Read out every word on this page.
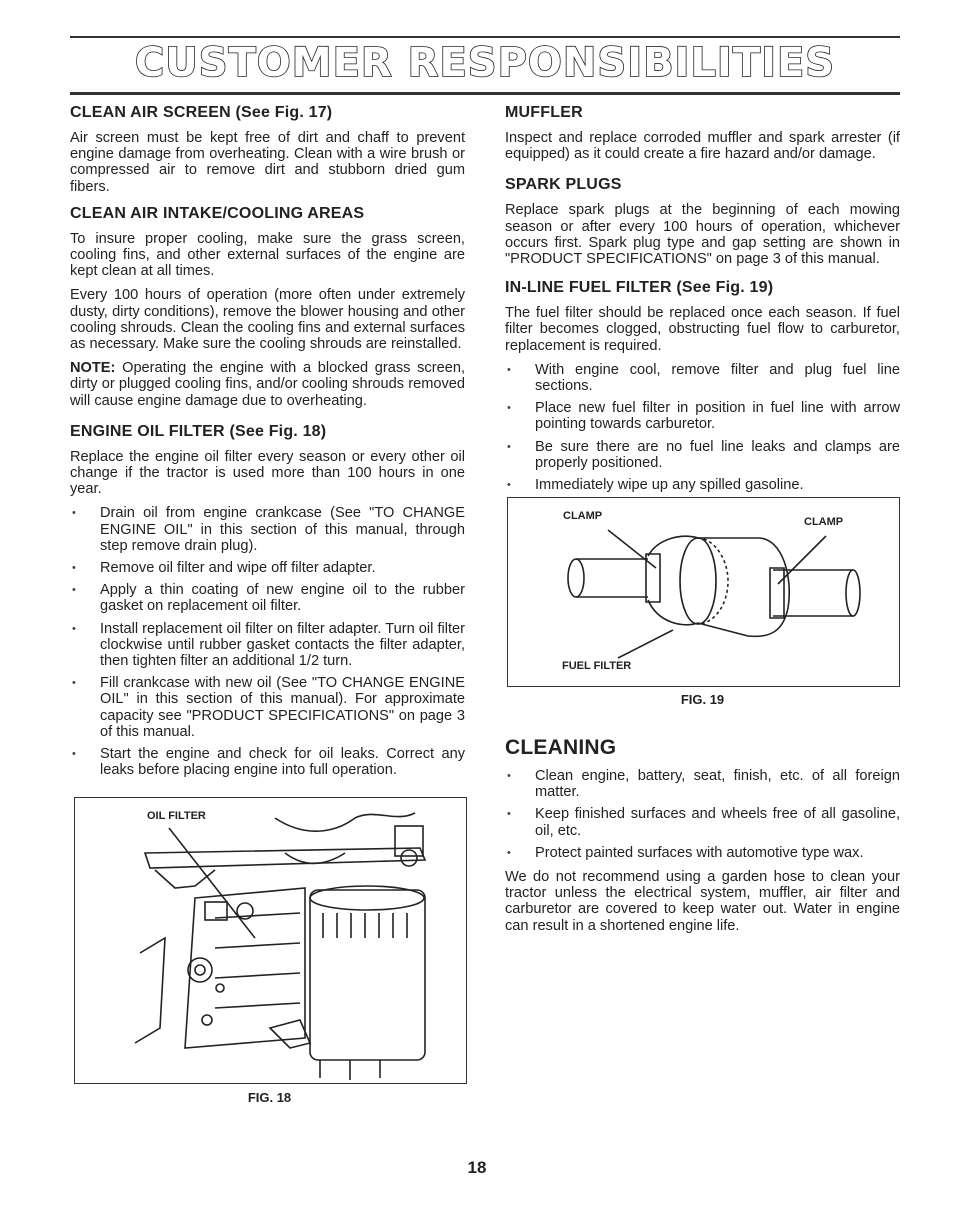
CUSTOMER RESPONSIBILITIES
CLEAN AIR SCREEN (See Fig. 17)

Air screen must be kept free of dirt and chaff to prevent engine damage from overheating. Clean with a wire brush or compressed air to remove dirt and stubborn dried gum fibers.

CLEAN AIR INTAKE/COOLING AREAS

To insure proper cooling, make sure the grass screen, cooling fins, and other external surfaces of the engine are kept clean at all times.

Every 100 hours of operation (more often under extremely dusty, dirty conditions), remove the blower housing and other cooling shrouds. Clean the cooling fins and external surfaces as necessary. Make sure the cooling shrouds are reinstalled.

NOTE: Operating the engine with a blocked grass screen, dirty or plugged cooling fins, and/or cooling shrouds removed will cause engine damage due to overheating.

ENGINE OIL FILTER (See Fig. 18)

Replace the engine oil filter every season or every other oil change if the tractor is used more than 100 hours in one year.

• Drain oil from engine crankcase (See "TO CHANGE ENGINE OIL" in this section of this manual, through step remove drain plug).
• Remove oil filter and wipe off filter adapter.
• Apply a thin coating of new engine oil to the rubber gasket on replacement oil filter.
• Install replacement oil filter on filter adapter. Turn oil filter clockwise until rubber gasket contacts the filter adapter, then tighten filter an additional 1/2 turn.
• Fill crankcase with new oil (See "TO CHANGE ENGINE OIL" in this section of this manual). For approximate capacity see "PRODUCT SPECIFICATIONS" on page 3 of this manual.
• Start the engine and check for oil leaks. Correct any leaks before placing engine into full operation.
OIL FILTER
FIG. 18
MUFFLER

Inspect and replace corroded muffler and spark arrester (if equipped) as it could create a fire hazard and/or damage.

SPARK PLUGS

Replace spark plugs at the beginning of each mowing season or after every 100 hours of operation, whichever occurs first. Spark plug type and gap setting are shown in "PRODUCT SPECIFICATIONS" on page 3 of this manual.

IN-LINE FUEL FILTER (See Fig. 19)

The fuel filter should be replaced once each season. If fuel filter becomes clogged, obstructing fuel flow to carburetor, replacement is required.

• With engine cool, remove filter and plug fuel line sections.
• Place new fuel filter in position in fuel line with arrow pointing towards carburetor.
• Be sure there are no fuel line leaks and clamps are properly positioned.
• Immediately wipe up any spilled gasoline.
CLAMP	CLAMP
FUEL FILTER
FIG. 19
CLEANING
• Clean engine, battery, seat, finish, etc. of all foreign matter.
• Keep finished surfaces and wheels free of all gasoline, oil, etc.
• Protect painted surfaces with automotive type wax.

We do not recommend using a garden hose to clean your tractor unless the electrical system, muffler, air filter and carburetor are covered to keep water out. Water in engine can result in a shortened engine life.

18
